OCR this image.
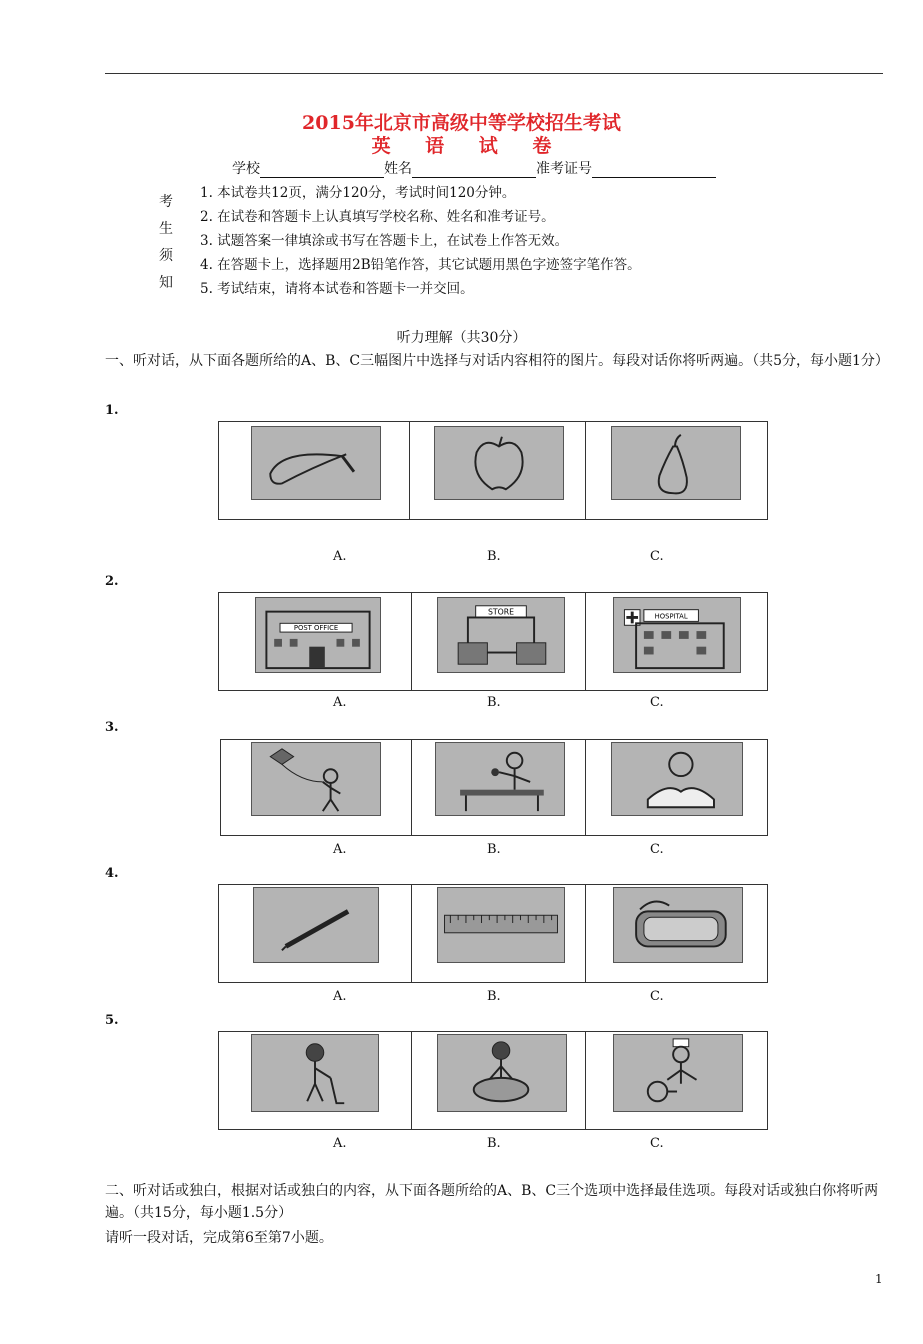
2015年北京市高级中等学校招生考试
英 语 试 卷
学校	姓名	准考证号
考
生
须
知
1. 本试卷共12页，满分120分，考试时间120分钟。
2. 在试卷和答题卡上认真填写学校名称、姓名和准考证号。
3. 试题答案一律填涂或书写在答题卡上，在试卷上作答无效。
4. 在答题卡上，选择题用2B铅笔作答，其它试题用黑色字迹签字笔作答。
5. 考试结束，请将本试卷和答题卡一并交回。
听力理解（共30分）
一、听对话，从下面各题所给的A、B、C三幅图片中选择与对话内容相符的图片。每段对话你将听两遍。（共5分，每小题1分）
1.
A.	B.	C.
2.
POST OFFICE
STORE	HOSPITAL
A.	B.	C.
3.
A.	B.	C.
4.
A.	B.	C.
5.
A.	B.	C.
二、听对话或独白，根据对话或独白的内容，从下面各题所给的A、B、C三个选项中选择最佳选项。每段对话或独白你将听两遍。（共15分，每小题1.5分）
请听一段对话，完成第6至第7小题。
1
